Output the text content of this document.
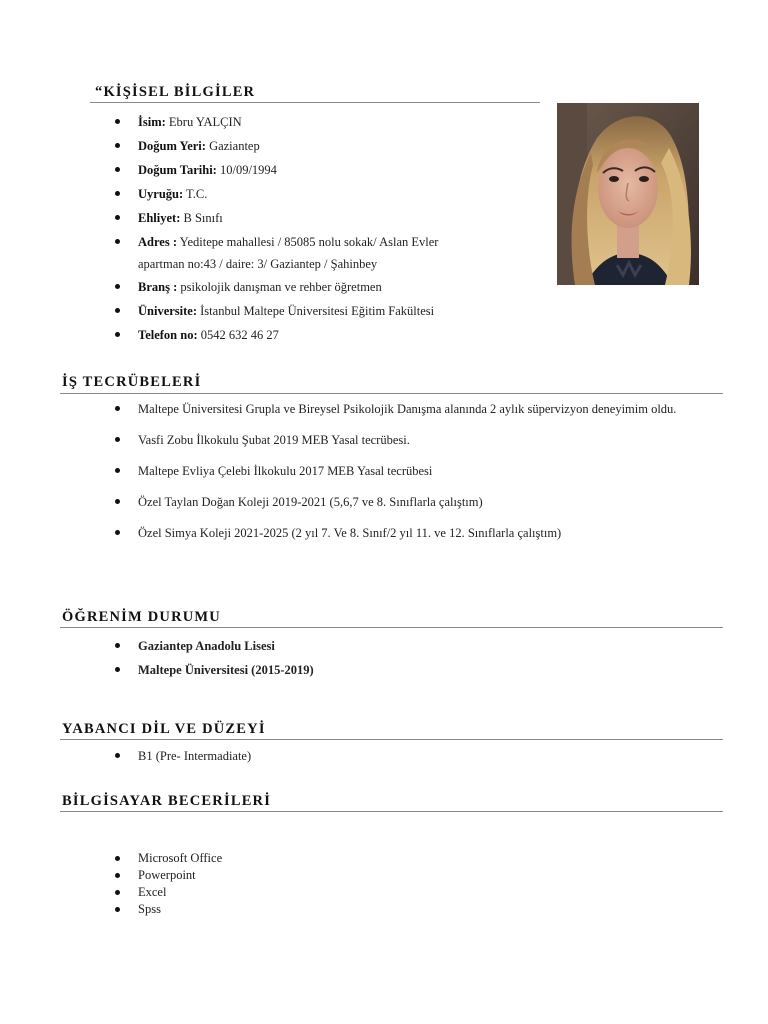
“KİŞİSEL BİLGİLER
İsim: Ebru YALÇIN
Doğum Yeri: Gaziantep
Doğum Tarihi: 10/09/1994
Uyruğu: T.C.
Ehliyet: B Sınıfı
Adres : Yeditepe mahallesi / 85085 nolu sokak/ Aslan Evler
apartman no:43 / daire: 3/ Gaziantep / Şahinbey
Branş : psikolojik danışman ve rehber öğretmen
Üniversite: İstanbul Maltepe Üniversitesi Eğitim Fakültesi
Telefon no: 0542 632 46 27
İŞ TECRÜBELERİ
Maltepe Üniversitesi Grupla ve Bireysel Psikolojik Danışma alanında 2 aylık süpervizyon deneyimim oldu.
Vasfi Zobu İlkokulu Şubat 2019 MEB Yasal tecrübesi.
Maltepe Evliya Çelebi İlkokulu 2017 MEB Yasal tecrübesi
Özel Taylan Doğan Koleji 2019-2021 (5,6,7 ve 8. Sınıflarla çalıştım)
Özel Simya Koleji 2021-2025 (2 yıl 7. Ve 8. Sınıf/2 yıl 11. ve 12. Sınıflarla çalıştım)
ÖĞRENİM DURUMU
Gaziantep Anadolu Lisesi
Maltepe Üniversitesi (2015-2019)
YABANCI DİL VE DÜZEYİ
B1 (Pre- Intermadiate)
BİLGİSAYAR BECERİLERİ
Microsoft Office
Powerpoint
Excel
Spss
